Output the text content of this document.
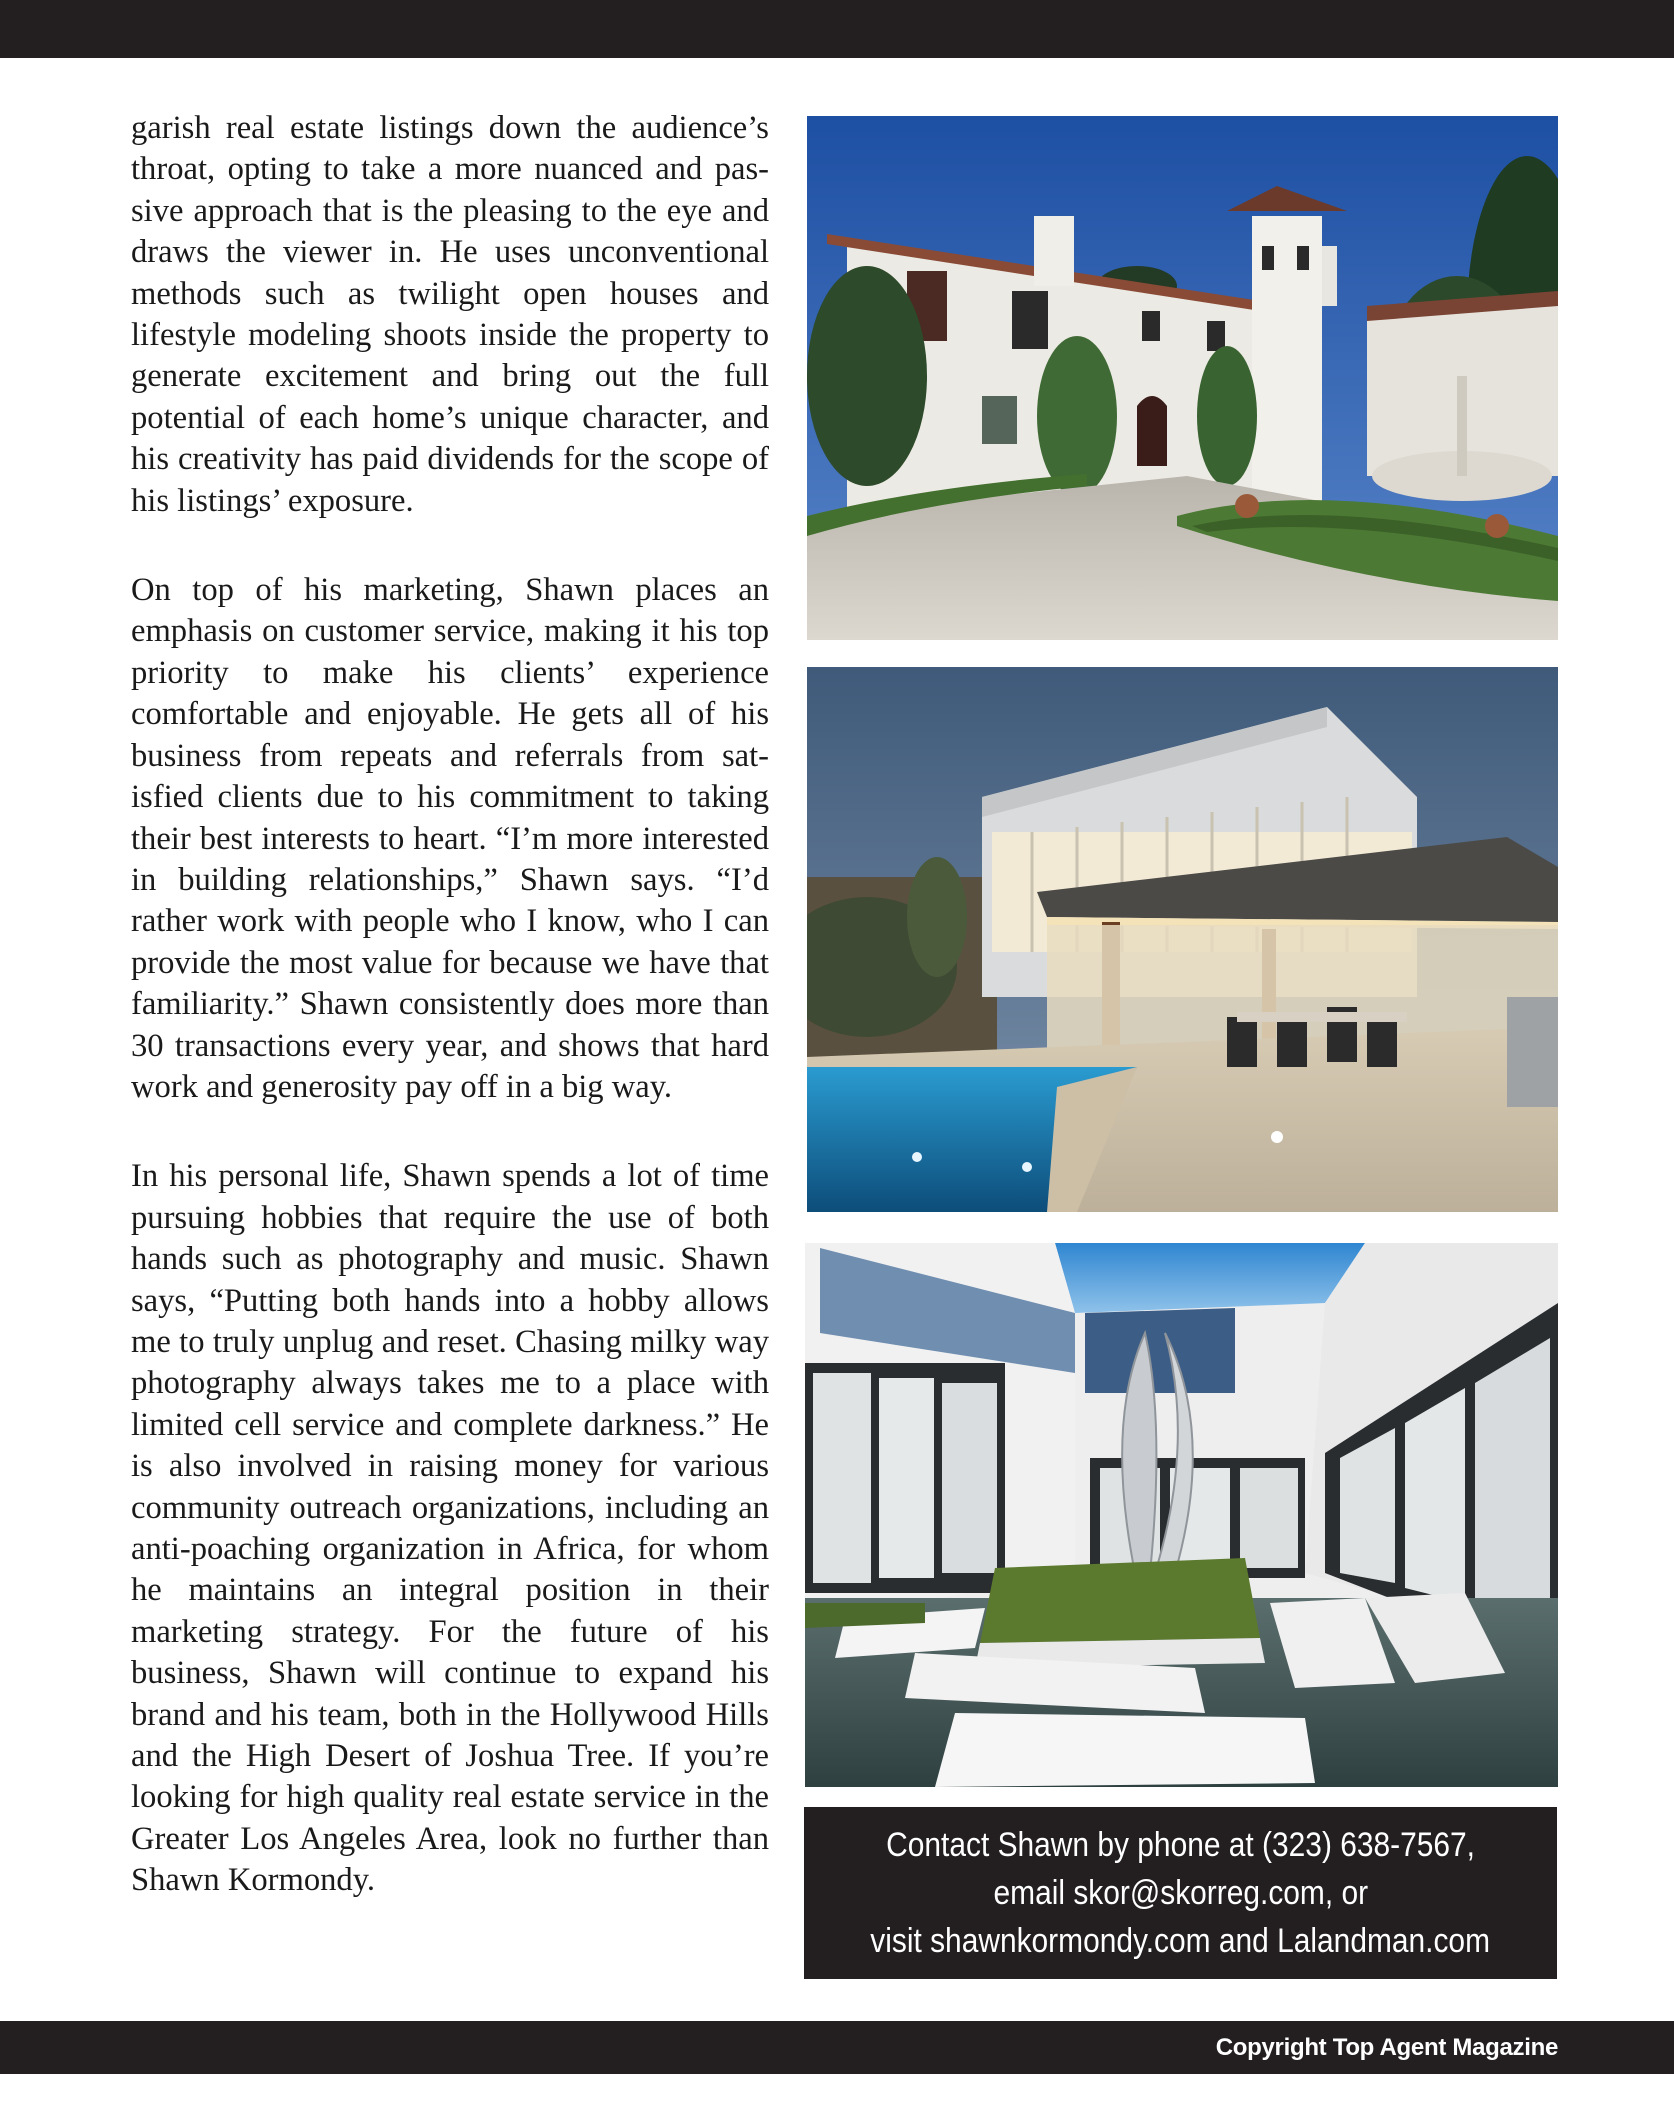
garish real estate listings down the audience’s throat, opting to take a more nuanced and passive approach that is the pleasing to the eye and draws the viewer in. He uses unconventional methods such as twilight open houses and lifestyle modeling shoots inside the property to generate excitement and bring out the full potential of each home’s unique character, and his creativity has paid dividends for the scope of his listings’ exposure.

On top of his marketing, Shawn places an emphasis on customer service, making it his top priority to make his clients’ experience comfortable and enjoyable. He gets all of his business from repeats and referrals from satisfied clients due to his commitment to taking their best interests to heart. “I’m more interested in building relationships,” Shawn says. “I’d rather work with people who I know, who I can provide the most value for because we have that familiarity.” Shawn consistently does more than 30 transactions every year, and shows that hard work and generosity pay off in a big way.

In his personal life, Shawn spends a lot of time pursuing hobbies that require the use of both hands such as photography and music. Shawn says, “Putting both hands into a hobby allows me to truly unplug and reset. Chasing milky way photography always takes me to a place with limited cell service and complete darkness.” He is also involved in raising money for various community outreach organizations, including an anti-poaching organization in Africa, for whom he maintains an integral position in their marketing strategy. For the future of his business, Shawn will continue to expand his brand and his team, both in the Hollywood Hills and the High Desert of Joshua Tree. If you’re looking for high quality real estate service in the Greater Los Angeles Area, look no further than Shawn Kormondy.

Contact Shawn by phone at (323) 638-7567,
email skor@skorreg.com, or
visit shawnkormondy.com and Lalandman.com
Copyright Top Agent Magazine
